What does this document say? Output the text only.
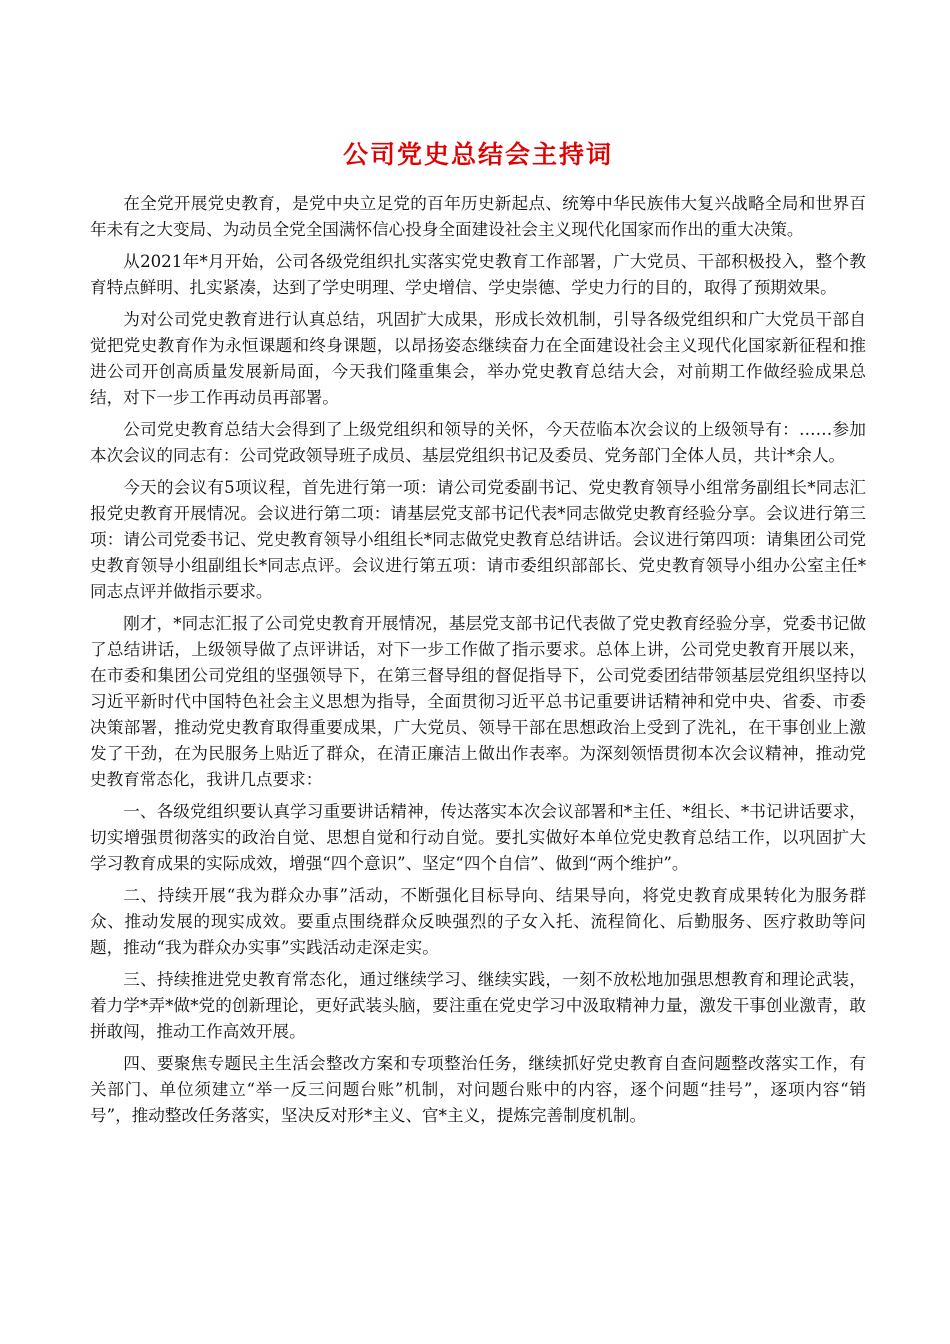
公司党史总结会主持词

在全党开展党史教育，是党中央立足党的百年历史新起点、统筹中华民族伟大复兴战略全局和世界百年未有之大变局、为动员全党全国满怀信心投身全面建设社会主义现代化国家而作出的重大决策。

从2021年*月开始，公司各级党组织扎实落实党史教育工作部署，广大党员、干部积极投入，整个教育特点鲜明、扎实紧凑，达到了学史明理、学史增信、学史崇德、学史力行的目的，取得了预期效果。

为对公司党史教育进行认真总结，巩固扩大成果，形成长效机制，引导各级党组织和广大党员干部自觉把党史教育作为永恒课题和终身课题，以昂扬姿态继续奋力在全面建设社会主义现代化国家新征程和推进公司开创高质量发展新局面，今天我们隆重集会，举办党史教育总结大会，对前期工作做经验成果总结，对下一步工作再动员再部署。

公司党史教育总结大会得到了上级党组织和领导的关怀，今天莅临本次会议的上级领导有：……参加本次会议的同志有：公司党政领导班子成员、基层党组织书记及委员、党务部门全体人员，共计*余人。

今天的会议有5项议程，首先进行第一项：请公司党委副书记、党史教育领导小组常务副组长*同志汇报党史教育开展情况。会议进行第二项：请基层党支部书记代表*同志做党史教育经验分享。会议进行第三项：请公司党委书记、党史教育领导小组组长*同志做党史教育总结讲话。会议进行第四项：请集团公司党史教育领导小组副组长*同志点评。会议进行第五项：请市委组织部部长、党史教育领导小组办公室主任*同志点评并做指示要求。

刚才，*同志汇报了公司党史教育开展情况，基层党支部书记代表做了党史教育经验分享，党委书记做了总结讲话，上级领导做了点评讲话，对下一步工作做了指示要求。总体上讲，公司党史教育开展以来，在市委和集团公司党组的坚强领导下，在第三督导组的督促指导下，公司党委团结带领基层党组织坚持以习近平新时代中国特色社会主义思想为指导，全面贯彻习近平总书记重要讲话精神和党中央、省委、市委决策部署，推动党史教育取得重要成果，广大党员、领导干部在思想政治上受到了洗礼，在干事创业上激发了干劲，在为民服务上贴近了群众，在清正廉洁上做出作表率。为深刻领悟贯彻本次会议精神，推动党史教育常态化，我讲几点要求：

一、各级党组织要认真学习重要讲话精神，传达落实本次会议部署和*主任、*组长、*书记讲话要求，切实增强贯彻落实的政治自觉、思想自觉和行动自觉。要扎实做好本单位党史教育总结工作，以巩固扩大学习教育成果的实际成效，增强“四个意识”、坚定“四个自信”、做到“两个维护”。

二、持续开展“我为群众办事”活动，不断强化目标导向、结果导向，将党史教育成果转化为服务群众、推动发展的现实成效。要重点围绕群众反映强烈的子女入托、流程简化、后勤服务、医疗救助等问题，推动“我为群众办实事”实践活动走深走实。

三、持续推进党史教育常态化，通过继续学习、继续实践，一刻不放松地加强思想教育和理论武装，着力学*弄*做*党的创新理论，更好武装头脑，要注重在党史学习中汲取精神力量，激发干事创业激青，敢拼敢闯，推动工作高效开展。

四、要聚焦专题民主生活会整改方案和专项整治任务，继续抓好党史教育自查问题整改落实工作，有关部门、单位须建立“举一反三问题台账”机制，对问题台账中的内容，逐个问题“挂号”，逐项内容“销号”，推动整改任务落实，坚决反对形*主义、官*主义，提炼完善制度机制。
